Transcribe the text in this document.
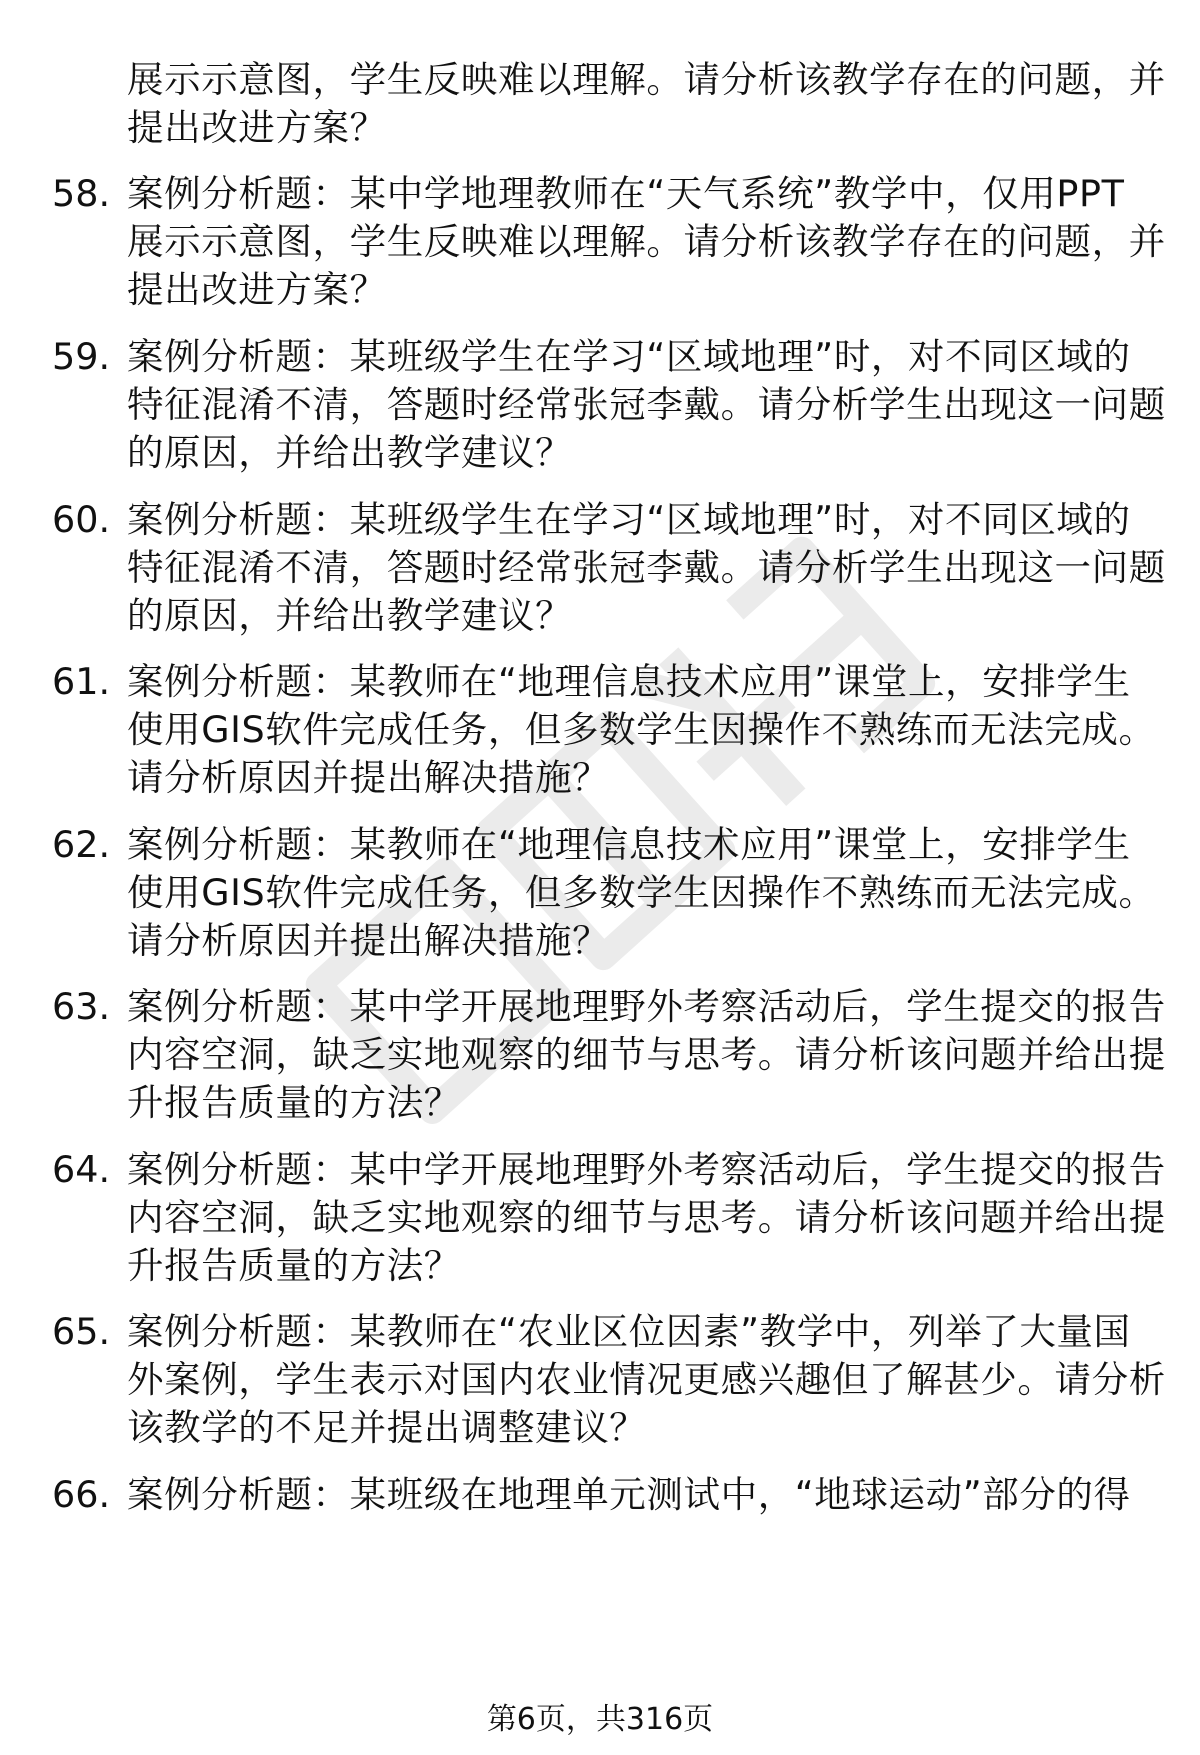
展示示意图，学生反映难以理解。请分析该教学存在的问题，并
提出改进方案？
58. 案例分析题：某中学地理教师在“天气系统”教学中，仅用PPT
展示示意图，学生反映难以理解。请分析该教学存在的问题，并
提出改进方案？
59. 案例分析题：某班级学生在学习“区域地理”时，对不同区域的
特征混淆不清，答题时经常张冠李戴。请分析学生出现这一问题
的原因，并给出教学建议？
60. 案例分析题：某班级学生在学习“区域地理”时，对不同区域的
特征混淆不清，答题时经常张冠李戴。请分析学生出现这一问题
的原因，并给出教学建议？
61. 案例分析题：某教师在“地理信息技术应用”课堂上，安排学生
使用GIS软件完成任务，但多数学生因操作不熟练而无法完成。
请分析原因并提出解决措施？
62. 案例分析题：某教师在“地理信息技术应用”课堂上，安排学生
使用GIS软件完成任务，但多数学生因操作不熟练而无法完成。
请分析原因并提出解决措施？
63. 案例分析题：某中学开展地理野外考察活动后，学生提交的报告
内容空洞，缺乏实地观察的细节与思考。请分析该问题并给出提
升报告质量的方法？
64. 案例分析题：某中学开展地理野外考察活动后，学生提交的报告
内容空洞，缺乏实地观察的细节与思考。请分析该问题并给出提
升报告质量的方法？
65. 案例分析题：某教师在“农业区位因素”教学中，列举了大量国
外案例，学生表示对国内农业情况更感兴趣但了解甚少。请分析
该教学的不足并提出调整建议？
66. 案例分析题：某班级在地理单元测试中，“地球运动”部分的得
第6页，共316页
